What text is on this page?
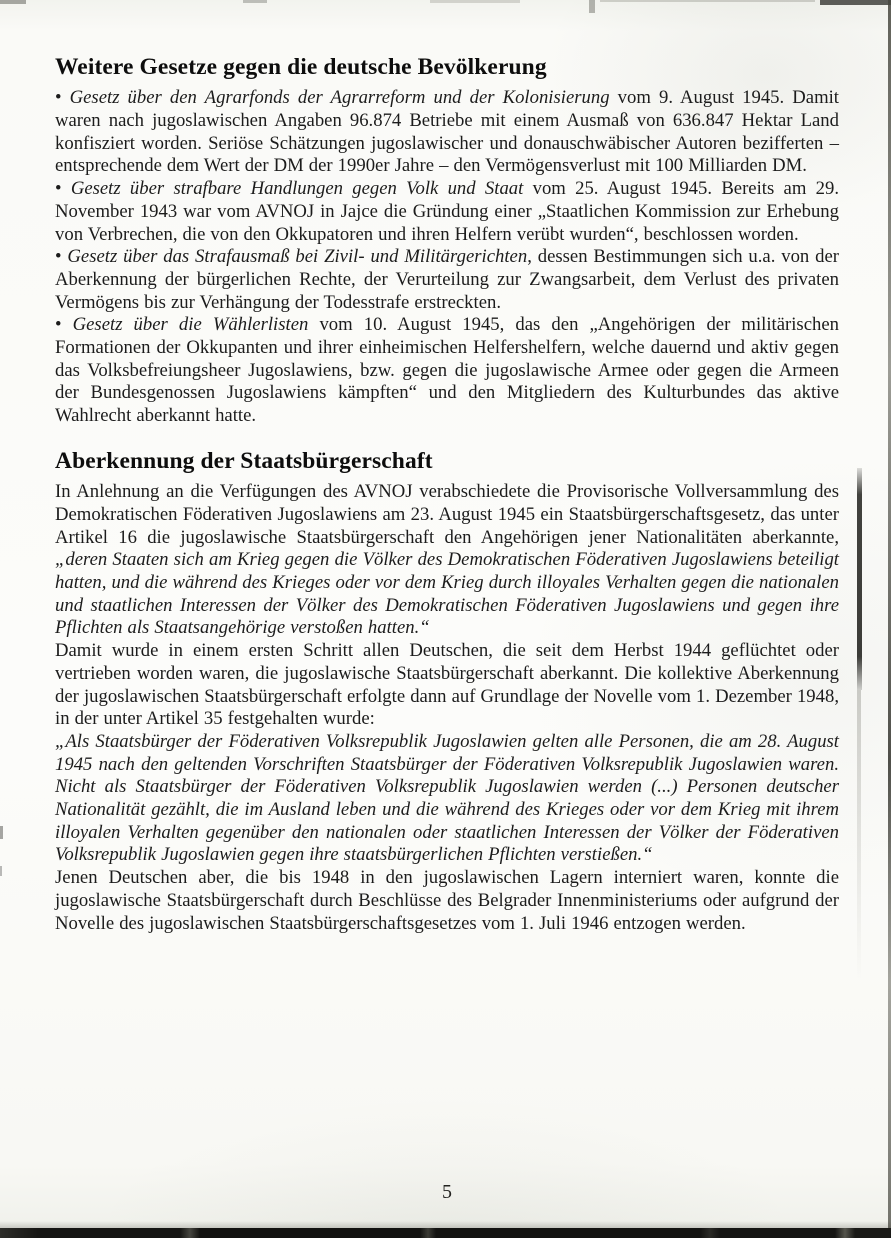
Weitere Gesetze gegen die deutsche Bevölkerung

• Gesetz über den Agrarfonds der Agrarreform und der Kolonisierung vom 9. August 1945. Damit waren nach jugoslawischen Angaben 96.874 Betriebe mit einem Ausmaß von 636.847 Hektar Land konfisziert worden. Seriöse Schätzungen jugoslawischer und donauschwäbischer Autoren bezifferten – entsprechende dem Wert der DM der 1990er Jahre – den Vermögensverlust mit 100 Milliarden DM.

• Gesetz über strafbare Handlungen gegen Volk und Staat vom 25. August 1945. Bereits am 29. November 1943 war vom AVNOJ in Jajce die Gründung einer „Staatlichen Kommission zur Erhebung von Verbrechen, die von den Okkupatoren und ihren Helfern verübt wurden“, beschlossen worden.

• Gesetz über das Strafausmaß bei Zivil- und Militärgerichten, dessen Bestimmungen sich u.a. von der Aberkennung der bürgerlichen Rechte, der Verurteilung zur Zwangsarbeit, dem Verlust des privaten Vermögens bis zur Verhängung der Todesstrafe erstreckten.

• Gesetz über die Wählerlisten vom 10. August 1945, das den „Angehörigen der militärischen Formationen der Okkupanten und ihrer einheimischen Helfershelfern, welche dauernd und aktiv gegen das Volksbefreiungsheer Jugoslawiens, bzw. gegen die jugoslawische Armee oder gegen die Armeen der Bundesgenossen Jugoslawiens kämpften“ und den Mitgliedern des Kulturbundes das aktive Wahlrecht aberkannt hatte.

Aberkennung der Staatsbürgerschaft

In Anlehnung an die Verfügungen des AVNOJ verabschiedete die Provisorische Vollversammlung des Demokratischen Föderativen Jugoslawiens am 23. August 1945 ein Staatsbürgerschaftsgesetz, das unter Artikel 16 die jugoslawische Staatsbürgerschaft den Angehörigen jener Nationalitäten aberkannte, „deren Staaten sich am Krieg gegen die Völker des Demokratischen Föderativen Jugoslawiens beteiligt hatten, und die während des Krieges oder vor dem Krieg durch illoyales Verhalten gegen die nationalen und staatlichen Interessen der Völker des Demokratischen Föderativen Jugoslawiens und gegen ihre Pflichten als Staatsangehörige verstoßen hatten.“

Damit wurde in einem ersten Schritt allen Deutschen, die seit dem Herbst 1944 geflüchtet oder vertrieben worden waren, die jugoslawische Staatsbürgerschaft aberkannt. Die kollektive Aberkennung der jugoslawischen Staatsbürgerschaft erfolgte dann auf Grundlage der Novelle vom 1. Dezember 1948, in der unter Artikel 35 festgehalten wurde:

„Als Staatsbürger der Föderativen Volksrepublik Jugoslawien gelten alle Personen, die am 28. August 1945 nach den geltenden Vorschriften Staatsbürger der Föderativen Volksrepublik Jugoslawien waren. Nicht als Staatsbürger der Föderativen Volksrepublik Jugoslawien werden (...) Personen deutscher Nationalität gezählt, die im Ausland leben und die während des Krieges oder vor dem Krieg mit ihrem illoyalen Verhalten gegenüber den nationalen oder staatlichen Interessen der Völker der Föderativen Volksrepublik Jugoslawien gegen ihre staatsbürgerlichen Pflichten verstießen.“

Jenen Deutschen aber, die bis 1948 in den jugoslawischen Lagern interniert waren, konnte die jugoslawische Staatsbürgerschaft durch Beschlüsse des Belgrader Innenministeriums oder aufgrund der Novelle des jugoslawischen Staatsbürgerschaftsgesetzes vom 1. Juli 1946 entzogen werden.

5
